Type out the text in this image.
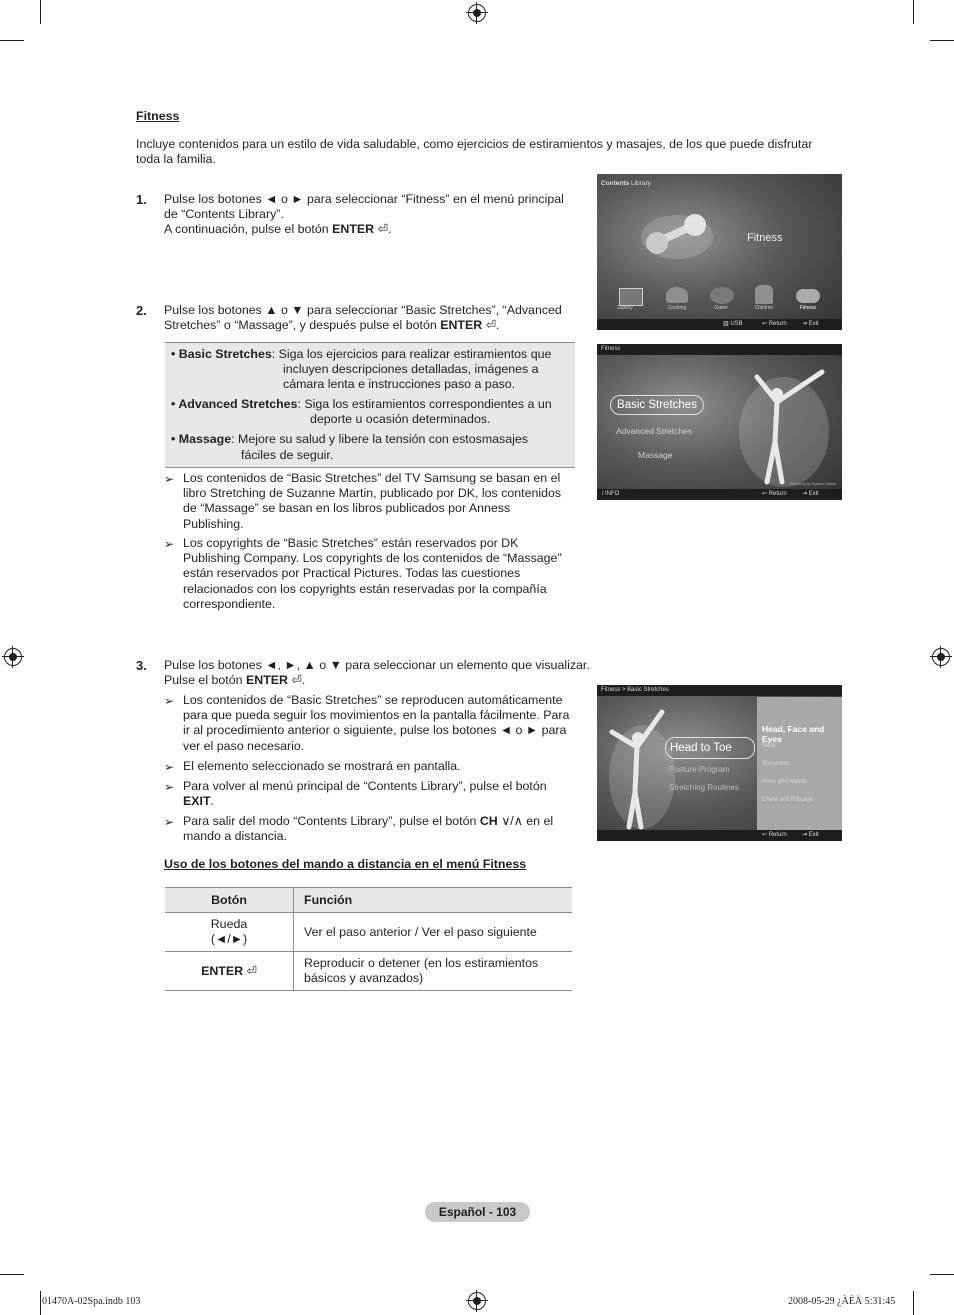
Fitness
Incluye contenidos para un estilo de vida saludable, como ejercicios de estiramientos y masajes, de los que puede disfrutar toda la familia.
1. Pulse los botones ◄ o ► para seleccionar “Fitness” en el menú principal
de “Contents Library”.
A continuación, pulse el botón ENTER ⏎.
2. Pulse los botones ▲ o ▼ para seleccionar “Basic Stretches”, “Advanced
Stretches” o “Massage”, y después pulse el botón ENTER ⏎.
• Basic Stretches: Siga los ejercicios para realizar estiramientos que
incluyen descripciones detalladas, imágenes a
cámara lenta e instrucciones paso a paso.
• Advanced Stretches: Siga los estiramientos correspondientes a un
deporte u ocasión determinados.
• Massage: Mejore su salud y libere la tensión con estosmasajes
fáciles de seguir.
➢ Los contenidos de “Basic Stretches” del TV Samsung se basan en el
libro Stretching de Suzanne Martin, publicado por DK, los contenidos
de “Massage” se basan en los libros publicados por Anness
Publishing.
➢ Los copyrights de “Basic Stretches” están reservados por DK
Publishing Company. Los copyrights de los contenidos de “Massage”
están reservados por Practical Pictures. Todas las cuestiones
relacionados con los copyrights están reservadas por la compañía
correspondiente.
3. Pulse los botones ◄, ►, ▲ o ▼ para seleccionar un elemento que visualizar.
Pulse el botón ENTER ⏎.
➢ Los contenidos de “Basic Stretches” se reproducen automáticamente
para que pueda seguir los movimientos en la pantalla fácilmente. Para
ir al procedimiento anterior o siguiente, pulse los botones ◄ o ► para
ver el paso necesario.
➢ El elemento seleccionado se mostrará en pantalla.
➢ Para volver al menú principal de “Contents Library”, pulse el botón
EXIT.
➢ Para salir del modo “Contents Library”, pulse el botón CH ∨/∧ en el
mando a distancia.
Uso de los botones del mando a distancia en el menú Fitness
Botón	Función

Rueda
(◄/►)	Ver el paso anterior / Ver el paso siguiente
ENTER ⏎	Reproducir o detener (en los estiramientos
básicos y avanzados)
Contents Library
Fitness
Gallery	Cooking	Game	Children	Fitness
▥ USB	↩ Return	⇥ Exit
Fitness
Basic Stretches
Advanced Stretches
Massage
Stretching by Suzanne Martin
i INFO	↩ Return	⇥ Exit
Fitness > Basic Stretches
Head to Toe
Posture Program
Stretching Routines
Head, Face and Eyes
Neck
Shoulders
Arms and Hands
Chest and Ribcage
↩ Return	⇥ Exit
Español - 103
01470A-02Spa.indb 103	2008-05-29 ¿ÀÈÄ 5:31:45
